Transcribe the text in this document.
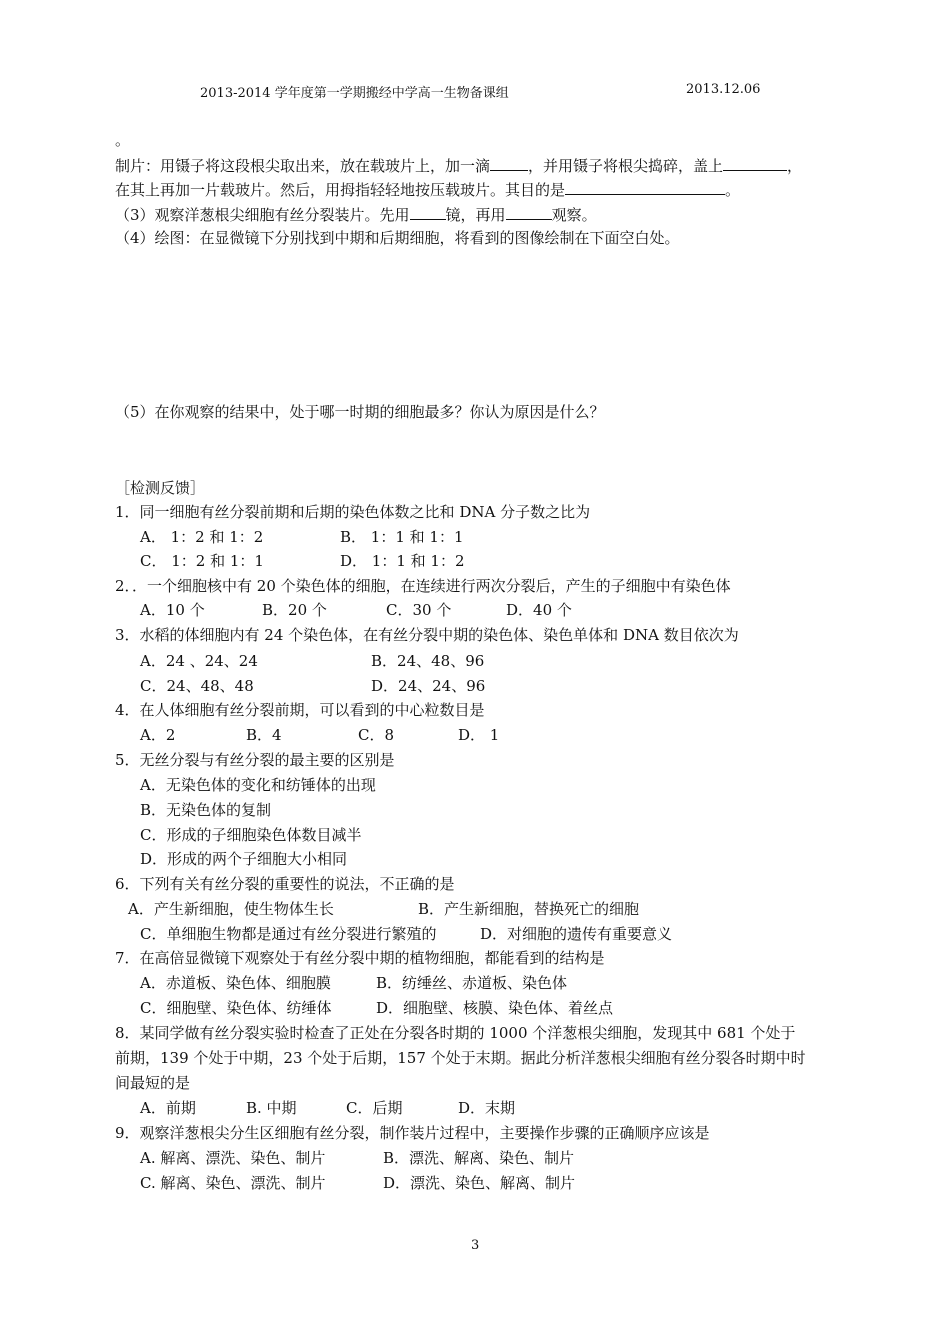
2013-2014 学年度第一学期搬经中学高一生物备课组	2013.12.06
。
制片：用镊子将这段根尖取出来，放在载玻片上，加一滴	，并用镊子将根尖捣碎，盖上	，
在其上再加一片载玻片。然后，用拇指轻轻地按压载玻片。其目的是	。
（3）观察洋葱根尖细胞有丝分裂装片。先用 镜，再用	观察。
（4）绘图：在显微镜下分别找到中期和后期细胞，将看到的图像绘制在下面空白处。
（5）在你观察的结果中，处于哪一时期的细胞最多？你认为原因是什么？
［检测反馈］
1．同一细胞有丝分裂前期和后期的染色体数之比和 DNA 分子数之比为
A． 1：2 和 1：2	B． 1：1 和 1：1
C． 1：2 和 1：1	D． 1：1 和 1：2
2．．一个细胞核中有 20 个染色体的细胞，在连续进行两次分裂后，产生的子细胞中有染色体
A．10 个	B．20 个	C．30 个	D．40 个
3．水稻的体细胞内有 24 个染色体，在有丝分裂中期的染色体、染色单体和 DNA 数目依次为
A．24 、24、24	B．24、48、96
C．24、48、48	D．24、24、96
4．在人体细胞有丝分裂前期，可以看到的中心粒数目是
A．2	B．4	C．8	D． 1
5．无丝分裂与有丝分裂的最主要的区别是
A．无染色体的变化和纺锤体的出现
B．无染色体的复制
C．形成的子细胞染色体数目减半
D．形成的两个子细胞大小相同
6．下列有关有丝分裂的重要性的说法，不正确的是
A．产生新细胞，使生物体生长	B．产生新细胞，替换死亡的细胞
C．单细胞生物都是通过有丝分裂进行繁殖的	D．对细胞的遗传有重要意义
7．在高倍显微镜下观察处于有丝分裂中期的植物细胞，都能看到的结构是
A．赤道板、染色体、细胞膜	B．纺缍丝、赤道板、染色体
C．细胞壁、染色体、纺缍体	D．细胞壁、核膜、染色体、着丝点
8．某同学做有丝分裂实验时检查了正处在分裂各时期的 1000 个洋葱根尖细胞，发现其中 681 个处于
前期，139 个处于中期，23 个处于后期，157 个处于末期。据此分析洋葱根尖细胞有丝分裂各时期中时
间最短的是
A．前期	B. 中期	C．后期	D．末期
9．观察洋葱根尖分生区细胞有丝分裂，制作装片过程中，主要操作步骤的正确顺序应该是
A. 解离、漂洗、染色、制片	B．漂洗、解离、染色、制片
C. 解离、染色、漂洗、制片	D．漂洗、染色、解离、制片
3
